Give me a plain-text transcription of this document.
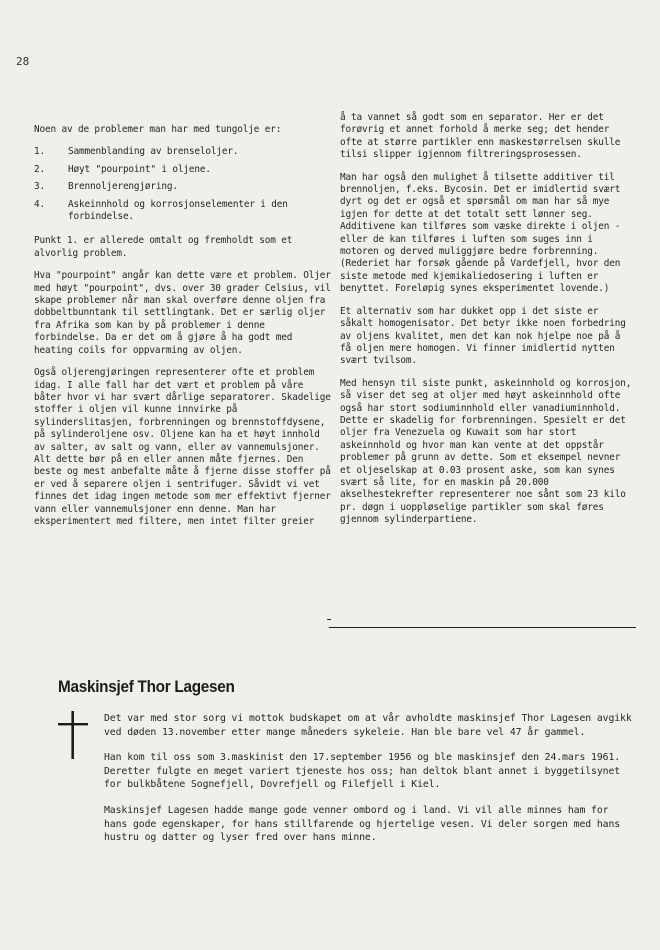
28

Noen av de problemer man har med tungolje er:

1.	Sammenblanding av brenseloljer.
2.	Høyt "pourpoint" i oljene.
3.	Brennoljerengjøring.
4.	Askeinnhold og korrosjonselementer i den forbindelse.

Punkt 1. er allerede omtalt og fremholdt som et alvorlig problem.

Hva "pourpoint" angår kan dette være et problem. Oljer med høyt "pourpoint", dvs. over 30 grader Celsius, vil skape problemer når man skal overføre denne oljen fra dobbeltbunntank til settlingtank. Det er særlig oljer fra Afrika som kan by på problemer i denne forbindelse. Da er det om å gjøre å ha godt med heating coils for oppvarming av oljen.

Også oljerengjøringen representerer ofte et problem idag. I alle fall har det vært et problem på våre båter hvor vi har svært dårlige separatorer. Skadelige stoffer i oljen vil kunne innvirke på sylinderslitasjen, forbrenningen og brennstoffdysene, på sylinderoljene osv. Oljene kan ha et høyt innhold av salter, av salt og vann, eller av vannemulsjoner. Alt dette bør på en eller annen måte fjernes. Den beste og mest anbefalte måte å fjerne disse stoffer på er ved å separere oljen i sentrifuger. Såvidt vi vet finnes det idag ingen metode som mer effektivt fjerner vann eller vannemulsjoner enn denne. Man har eksperimentert med filtere, men intet filter greier

å ta vannet så godt som en separator. Her er det forøvrig et annet forhold å merke seg; det hender ofte at større partikler enn maskestørrelsen skulle tilsi slipper igjennom filtreringsprosessen.

Man har også den mulighet å tilsette additiver til brennoljen, f.eks. Bycosin. Det er imidlertid svært dyrt og det er også et spørsmål om man har så mye igjen for dette at det totalt sett lønner seg. Additivene kan tilføres som væske direkte i oljen - eller de kan tilføres i luften som suges inn i motoren og derved muliggjøre bedre forbrenning. (Rederiet har forsøk gående på Vardefjell, hvor den siste metode med kjemikaliedosering i luften er benyttet. Foreløpig synes eksperimentet lovende.)

Et alternativ som har dukket opp i det siste er såkalt homogenisator. Det betyr ikke noen forbedring av oljens kvalitet, men det kan nok hjelpe noe på å få oljen mere homogen. Vi finner imidlertid nytten svært tvilsom.

Med hensyn til siste punkt, askeinnhold og korrosjon, så viser det seg at oljer med høyt askeinnhold ofte også har stort sodiuminnhold eller vanadiuminnhold. Dette er skadelig for forbrenningen. Spesielt er det oljer fra Venezuela og Kuwait som har stort askeinnhold og hvor man kan vente at det oppstår problemer på grunn av dette. Som et eksempel nevner et oljeselskap at 0.03 prosent aske, som kan synes svært så lite, for en maskin på 20.000 akselhestekrefter representerer noe sånt som 23 kilo pr. døgn i uoppløselige partikler som skal føres gjennom sylinderpartiene.

Maskinsjef Thor Lagesen

Det var med stor sorg vi mottok budskapet om at vår avholdte maskinsjef Thor Lagesen avgikk ved døden 13.november etter mange måneders sykeleie. Han ble bare vel 47 år gammel.

Han kom til oss som 3.maskinist den 17.september 1956 og ble maskinsjef den 24.mars 1961. Deretter fulgte en meget variert tjeneste hos oss; han deltok blant annet i byggetilsynet for bulkbåtene Sognefjell, Dovrefjell og Filefjell i Kiel.

Maskinsjef Lagesen hadde mange gode venner ombord og i land. Vi vil alle minnes ham for hans gode egenskaper, for hans stillfarende og hjertelige vesen. Vi deler sorgen med hans hustru og datter og lyser fred over hans minne.
